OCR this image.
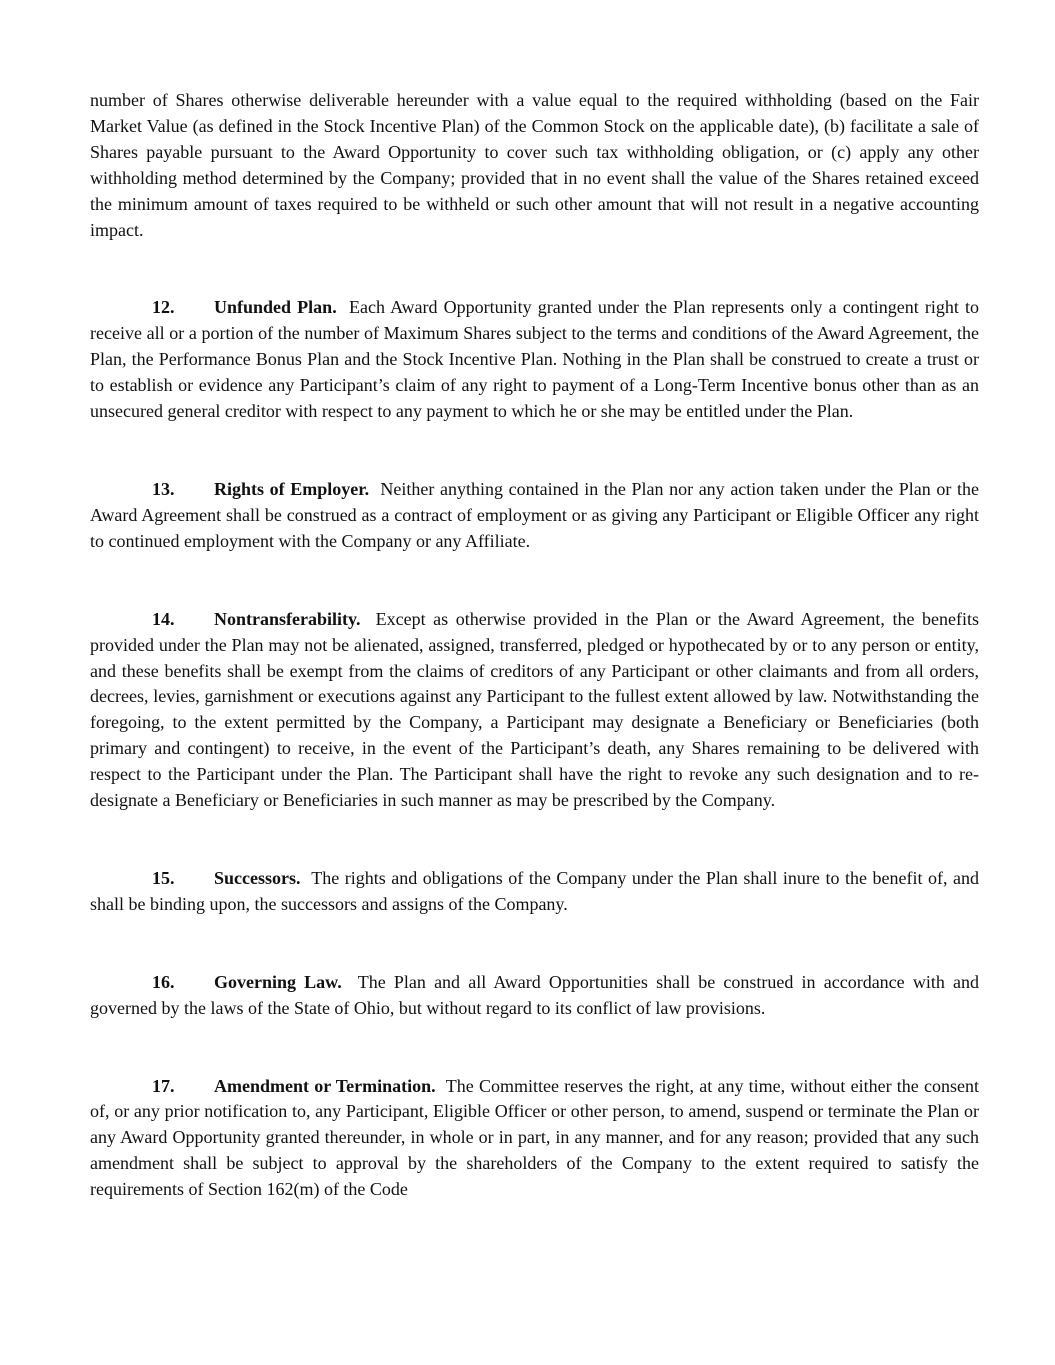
number of Shares otherwise deliverable hereunder with a value equal to the required withholding (based on the Fair Market Value (as defined in the Stock Incentive Plan) of the Common Stock on the applicable date), (b) facilitate a sale of Shares payable pursuant to the Award Opportunity to cover such tax withholding obligation, or (c) apply any other withholding method determined by the Company; provided that in no event shall the value of the Shares retained exceed the minimum amount of taxes required to be withheld or such other amount that will not result in a negative accounting impact.

12. Unfunded Plan. Each Award Opportunity granted under the Plan represents only a contingent right to receive all or a portion of the number of Maximum Shares subject to the terms and conditions of the Award Agreement, the Plan, the Performance Bonus Plan and the Stock Incentive Plan. Nothing in the Plan shall be construed to create a trust or to establish or evidence any Participant’s claim of any right to payment of a Long-Term Incentive bonus other than as an unsecured general creditor with respect to any payment to which he or she may be entitled under the Plan.

13. Rights of Employer. Neither anything contained in the Plan nor any action taken under the Plan or the Award Agreement shall be construed as a contract of employment or as giving any Participant or Eligible Officer any right to continued employment with the Company or any Affiliate.

14. Nontransferability. Except as otherwise provided in the Plan or the Award Agreement, the benefits provided under the Plan may not be alienated, assigned, transferred, pledged or hypothecated by or to any person or entity, and these benefits shall be exempt from the claims of creditors of any Participant or other claimants and from all orders, decrees, levies, garnishment or executions against any Participant to the fullest extent allowed by law. Notwithstanding the foregoing, to the extent permitted by the Company, a Participant may designate a Beneficiary or Beneficiaries (both primary and contingent) to receive, in the event of the Participant’s death, any Shares remaining to be delivered with respect to the Participant under the Plan. The Participant shall have the right to revoke any such designation and to re-designate a Beneficiary or Beneficiaries in such manner as may be prescribed by the Company.

15. Successors. The rights and obligations of the Company under the Plan shall inure to the benefit of, and shall be binding upon, the successors and assigns of the Company.

16. Governing Law. The Plan and all Award Opportunities shall be construed in accordance with and governed by the laws of the State of Ohio, but without regard to its conflict of law provisions.

17. Amendment or Termination. The Committee reserves the right, at any time, without either the consent of, or any prior notification to, any Participant, Eligible Officer or other person, to amend, suspend or terminate the Plan or any Award Opportunity granted thereunder, in whole or in part, in any manner, and for any reason; provided that any such amendment shall be subject to approval by the shareholders of the Company to the extent required to satisfy the requirements of Section 162(m) of the Code
